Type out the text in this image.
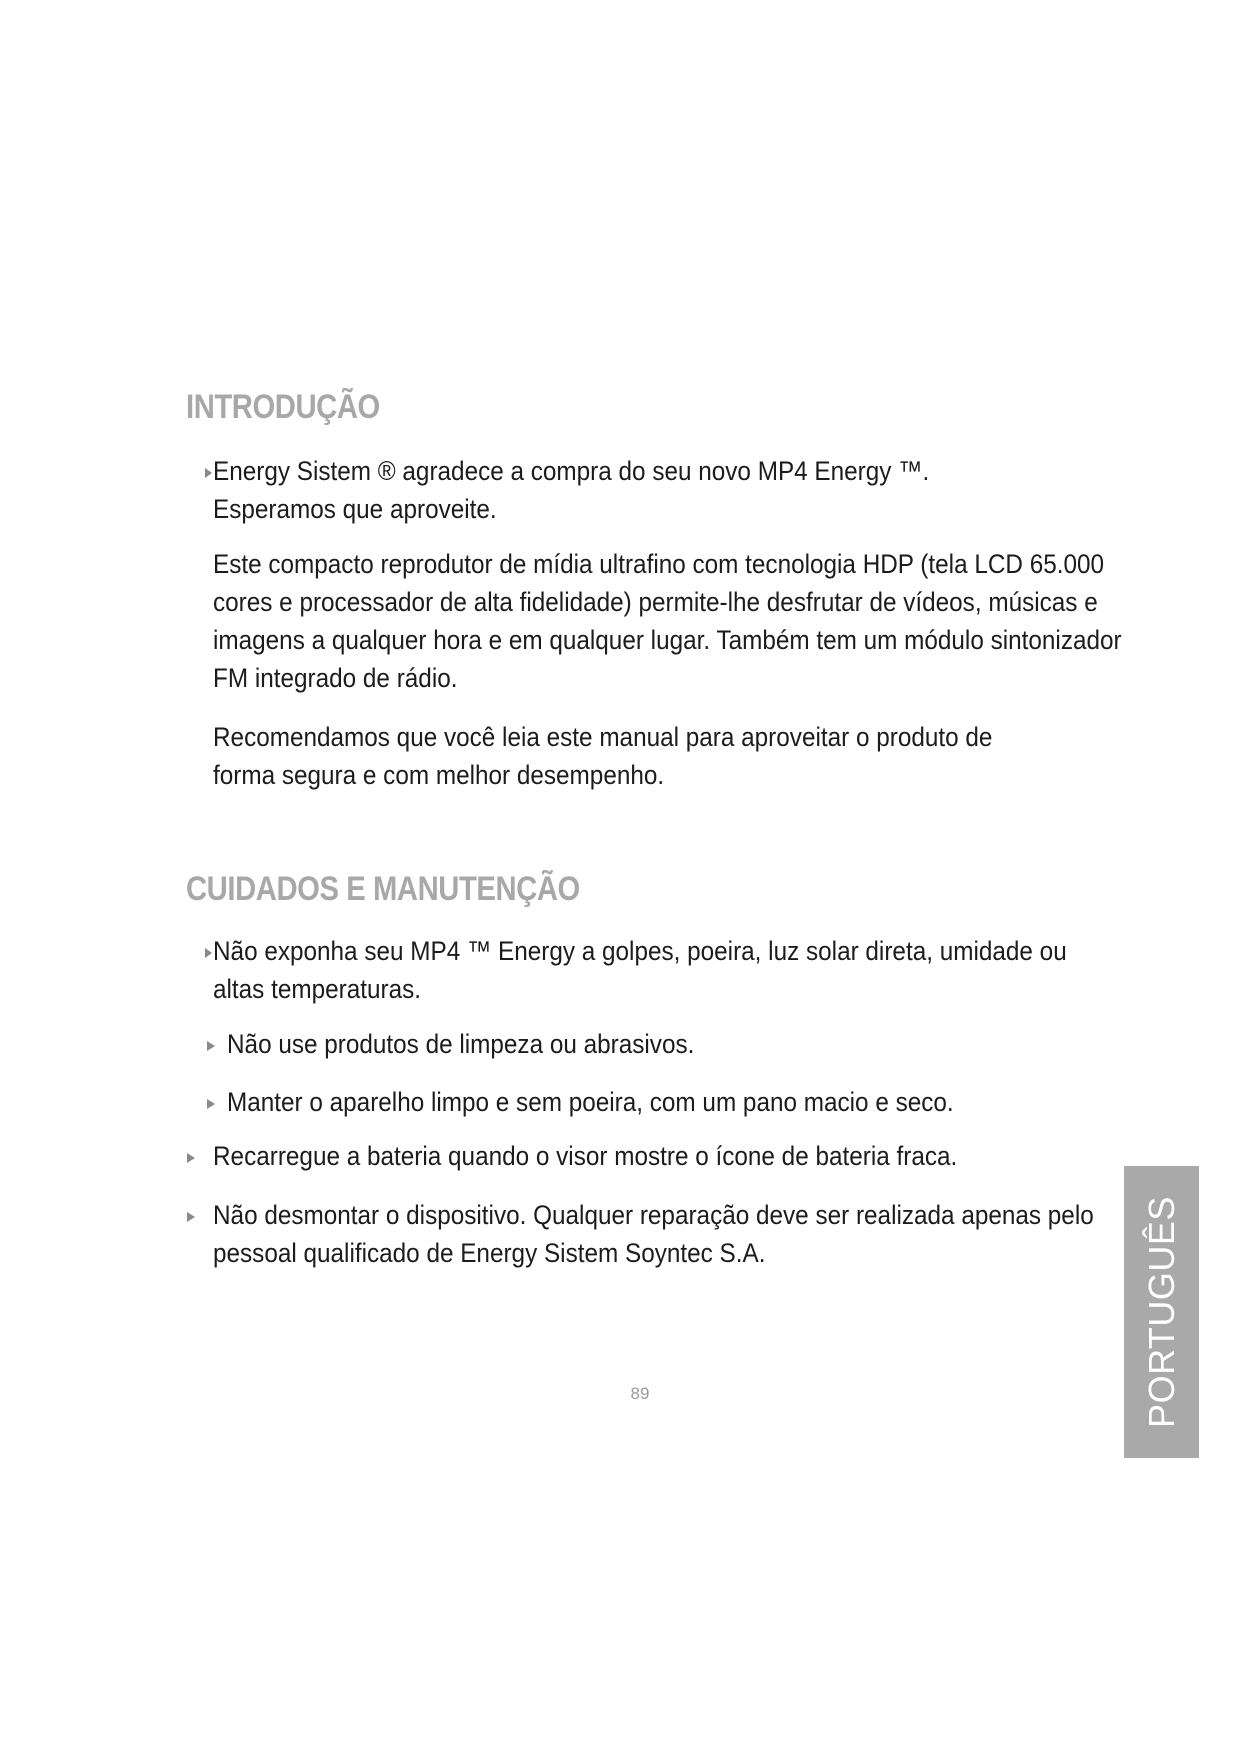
INTRODUÇÃO

Energy Sistem ® agradece a compra do seu novo MP4 Energy ™. Esperamos que aproveite.

Este compacto reprodutor de mídia ultrafino com tecnologia HDP (tela LCD 65.000 cores e processador de alta fidelidade) permite-lhe desfrutar de vídeos, músicas e imagens a qualquer hora e em qualquer lugar. Também tem um módulo sintonizador FM integrado de rádio.

Recomendamos que você leia este manual para aproveitar o produto de forma segura e com melhor desempenho.

CUIDADOS E MANUTENÇÃO

Não exponha seu MP4 ™ Energy a golpes, poeira, luz solar direta, umidade ou altas temperaturas.

Não use produtos de limpeza ou abrasivos.

Manter o aparelho limpo e sem poeira, com um pano macio e seco.

Recarregue a bateria quando o visor mostre o ícone de bateria fraca.

Não desmontar o dispositivo. Qualquer reparação deve ser realizada apenas pelo pessoal qualificado de Energy Sistem Soyntec S.A.

89	PORTUGUÊS
